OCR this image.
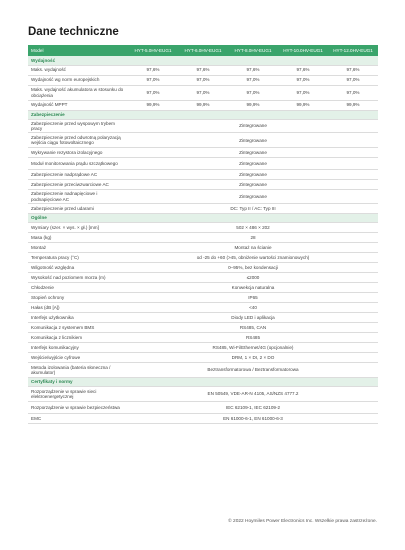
Dane techniczne
Model	HYT-5.0HV-EUG1	HYT-6.0HV-EUG1	HYT-8.0HV-EUG1	HYT-10.0HV-EUG1	HYT-12.0HV-EUG1
Wydajność					
Maks. wydajność	97,6%	97,6%	97,6%	97,6%	97,6%
Wydajność wg norm europejskich	97,0%	97,0%	97,0%	97,0%	97,0%
Maks. wydajność akumulatora w stosunku do obciążenia	97,0%	97,0%	97,0%	97,0%	97,0%
Wydajność MPPT	99,9%	99,9%	99,9%	99,9%	99,9%
Zabezpieczenie					
Zabezpieczenie przed wyspowym trybem pracy	Zintegrowane				
Zabezpieczenie przed odwrotną polaryzacją wejścia ciągu fotowoltaicznego	Zintegrowane				
Wykrywanie rezystora izolacyjnego	Zintegrowane				
Moduł monitorowania prądu szczątkowego	Zintegrowane				
Zabezpieczenie nadprądowe AC	Zintegrowane				
Zabezpieczenie przeciwzwarciowe AC	Zintegrowane				
Zabezpieczenie nadnapięciowe i podnapięciowe AC	Zintegrowane				
Zabezpieczenie przed udarami	DC: Typ II / AC: Typ III				
Ogólne					
Wymiary (szer. × wys. × gł.) [mm]	502 × 486 × 202				
Masa (kg)	28				
Montaż	Montaż na ścianie				
Temperatura pracy (°C)	od -25 do +60 (>45, obniżenie wartości znamionowych)				
Wilgotność względna	0–95%, bez kondensacji				
Wysokość nad poziomem morza (m)	≤2000				
Chłodzenie	Konwekcja naturalna				
Stopień ochrony	IP65				
Hałas (dB [A])	<40				
Interfejs użytkownika	Diody LED i aplikacja				
Komunikacja z systemem BMS	RS485, CAN				
Komunikacja z licznikiem	RS485				
Interfejs komunikacyjny	RS485, Wi-Fi/Ethernet/4G (opcjonalnie)				
Wejście/wyjście cyfrowe	DRM, 1 × DI, 2 × DO				
Metoda izolowania (bateria słoneczna / akumulator)	Beztransformatorowa / Beztransformatorowa				
Certyfikaty i normy					
Rozporządzenie w sprawie sieci elektroenergetycznej	EN 50549, VDE-AR-N 4105, AS/NZS 4777.2				
Rozporządzenie w sprawie bezpieczeństwa	IEC 62109-1, IEC 62109-2				
EMC	EN 61000-6-1, EN 61000-6-3				
© 2022 Hoymiles Power Electronics Inc. Wszelkie prawa zastrzeżone.
